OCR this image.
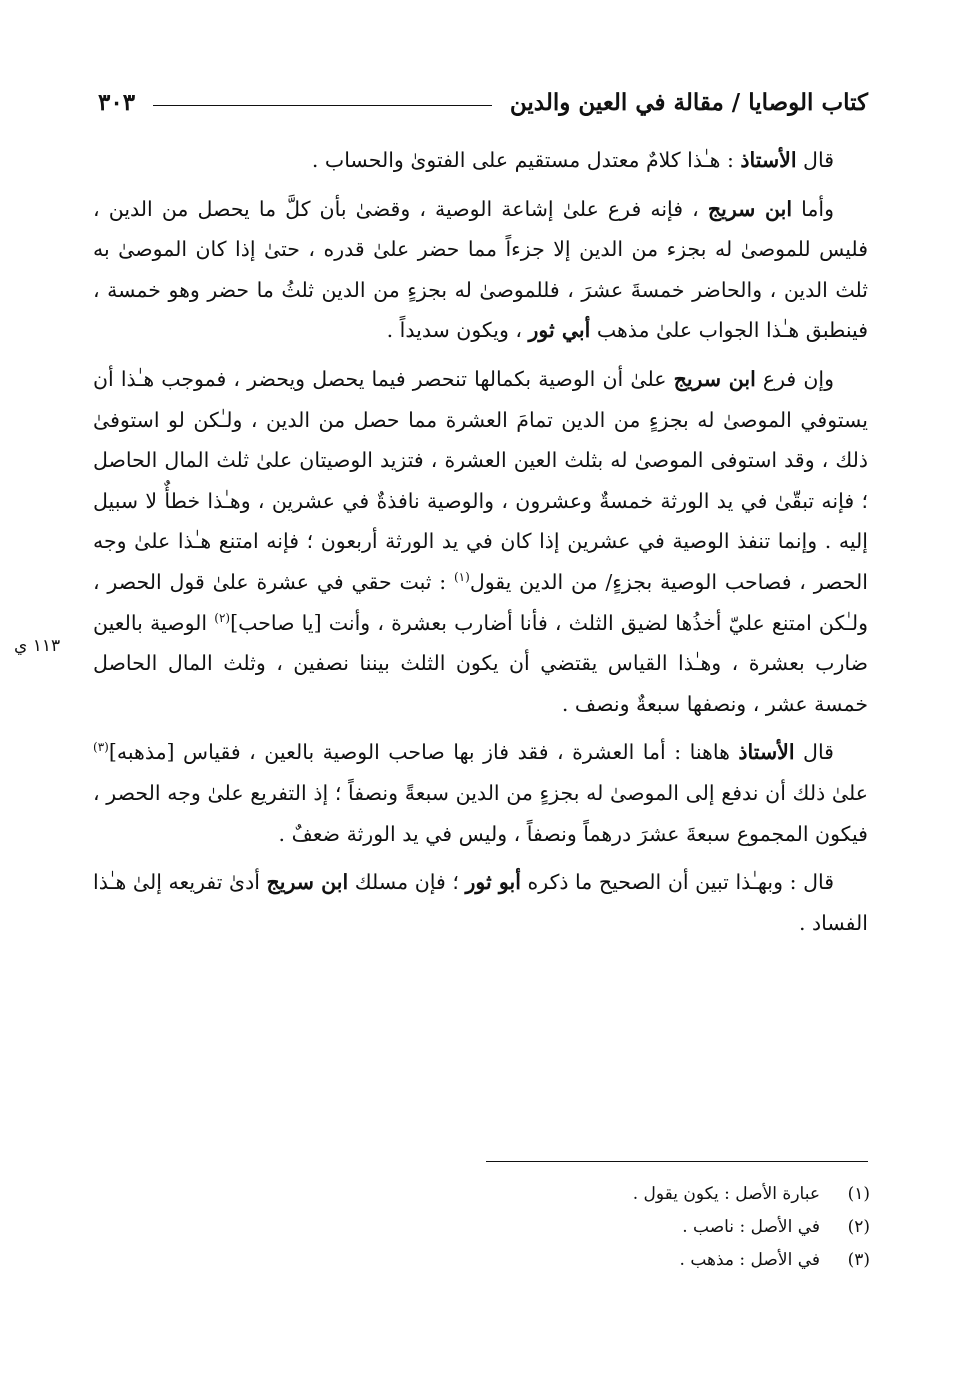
كتاب الوصايا / مقالة في العين والدين
٣٠٣
١١٣ ي

قال الأستاذ : هـٰذا كلامٌ معتدل مستقيم على الفتوىٰ والحساب .

وأما ابن سريج ، فإنه فرع علىٰ إشاعة الوصية ، وقضىٰ بأن كلَّ ما يحصل من الدين ، فليس للموصىٰ له بجزء من الدين إلا جزءاً مما حضر علىٰ قدره ، حتىٰ إذا كان الموصىٰ به ثلث الدين ، والحاضر خمسةَ عشرَ ، فللموصىٰ له بجزءٍ من الدين ثلثُ ما حضر وهو خمسة ، فينطبق هـٰذا الجواب علىٰ مذهب أبي ثور ، ويكون سديداً .

وإن فرع ابن سريج علىٰ أن الوصية بكمالها تنحصر فيما يحصل ويحضر ، فموجب هـٰذا أن يستوفي الموصىٰ له بجزءٍ من الدين تمامَ العشرة مما حصل من الدين ، ولـٰكن لو استوفىٰ ذلك ، وقد استوفى الموصىٰ له بثلث العين العشرة ، فتزيد الوصيتان علىٰ ثلث المال الحاصل ؛ فإنه تبقّىٰ في يد الورثة خمسةٌ وعشرون ، والوصية نافذةٌ في عشرين ، وهـٰذا خطأٌ لا سبيل إليه . وإنما تنفذ الوصية في عشرين إذا كان في يد الورثة أربعون ؛ فإنه امتنع هـٰذا علىٰ وجه الحصر ، فصاحب الوصية بجزءٍ/ من الدين يقول$^{(١)}$ : ثبت حقي في عشرة علىٰ قول الحصر ، ولـٰكن امتنع عليّ أخذُها لضيق الثلث ، فأنا أضارب بعشرة ، وأنت [يا صاحب]$^{(٢)}$ الوصية بالعين ضارب بعشرة ، وهـٰذا القياس يقتضي أن يكون الثلث بيننا نصفين ، وثلث المال الحاصل خمسة عشر ، ونصفها سبعةٌ ونصف .

قال الأستاذ هاهنا : أما العشرة ، فقد فاز بها صاحب الوصية بالعين ، فقياس [مذهبه]$^{(٣)}$ علىٰ ذلك أن ندفع إلى الموصىٰ له بجزءٍ من الدين سبعةً ونصفاً ؛ إذ التفريع علىٰ وجه الحصر ، فيكون المجموع سبعةَ عشرَ درهماً ونصفاً ، وليس في يد الورثة ضعفٌ .

قال : وبهـٰذا تبين أن الصحيح ما ذكره أبو ثور ؛ فإن مسلك ابن سريج أدىٰ تفريعه إلىٰ هـٰذا الفساد .

(١)
عبارة الأصل : يكون يقول .
(٢)
في الأصل : ناصب .
(٣)
في الأصل : مذهب .
